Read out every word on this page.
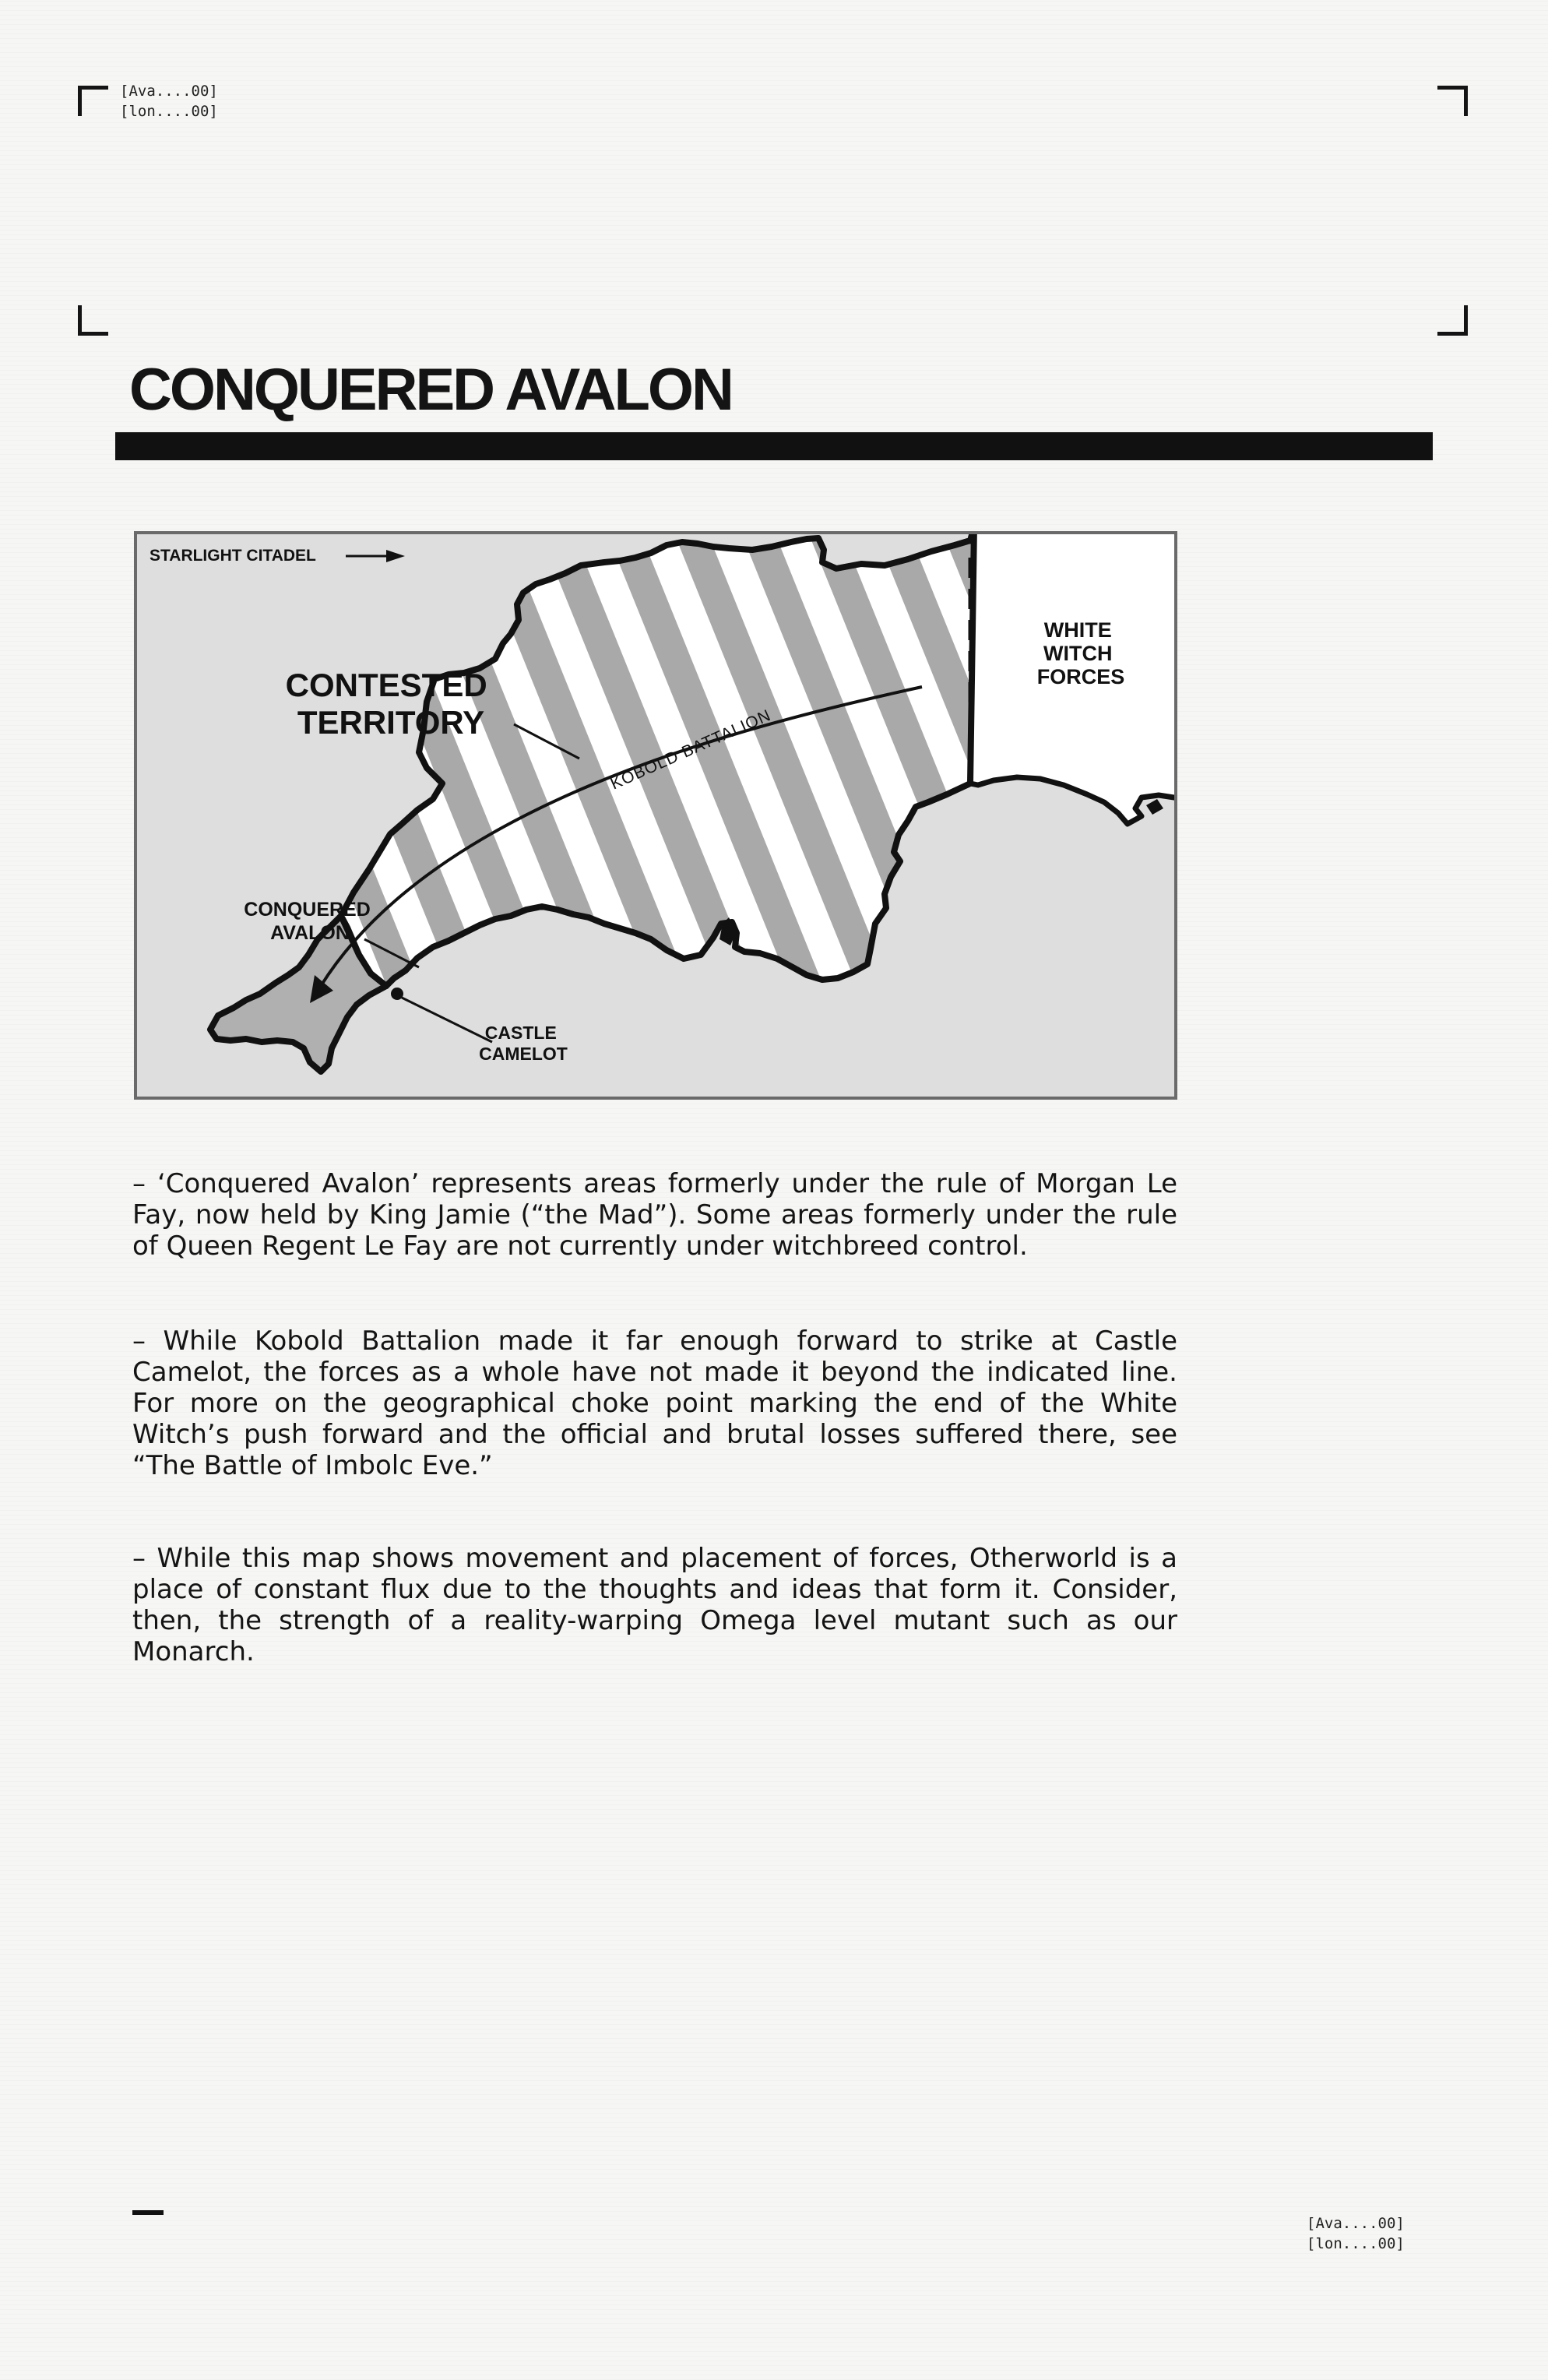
[Ava....00]
[lon....00]
CONQUERED AVALON
KOBOLD BATTALION
STARLIGHT CITADEL
CONTESTED TERRITORY
WHITE WITCH FORCES
CONQUERED AVALON
CASTLE CAMELOT

– ‘Conquered Avalon’ represents areas formerly under the rule of Morgan Le Fay, now held by King Jamie (“the Mad”). Some areas formerly under the rule of Queen Regent Le Fay are not currently under witchbreed control.

– While Kobold Battalion made it far enough forward to strike at Castle Camelot, the forces as a whole have not made it beyond the indicated line. For more on the geographical choke point marking the end of the White Witch’s push forward and the official and brutal losses suffered there, see “The Battle of Imbolc Eve.”

– While this map shows movement and placement of forces, Otherworld is a place of constant flux due to the thoughts and ideas that form it. Consider, then, the strength of a reality-warping Omega level mutant such as our Monarch.

[Ava....00]
[lon....00]
